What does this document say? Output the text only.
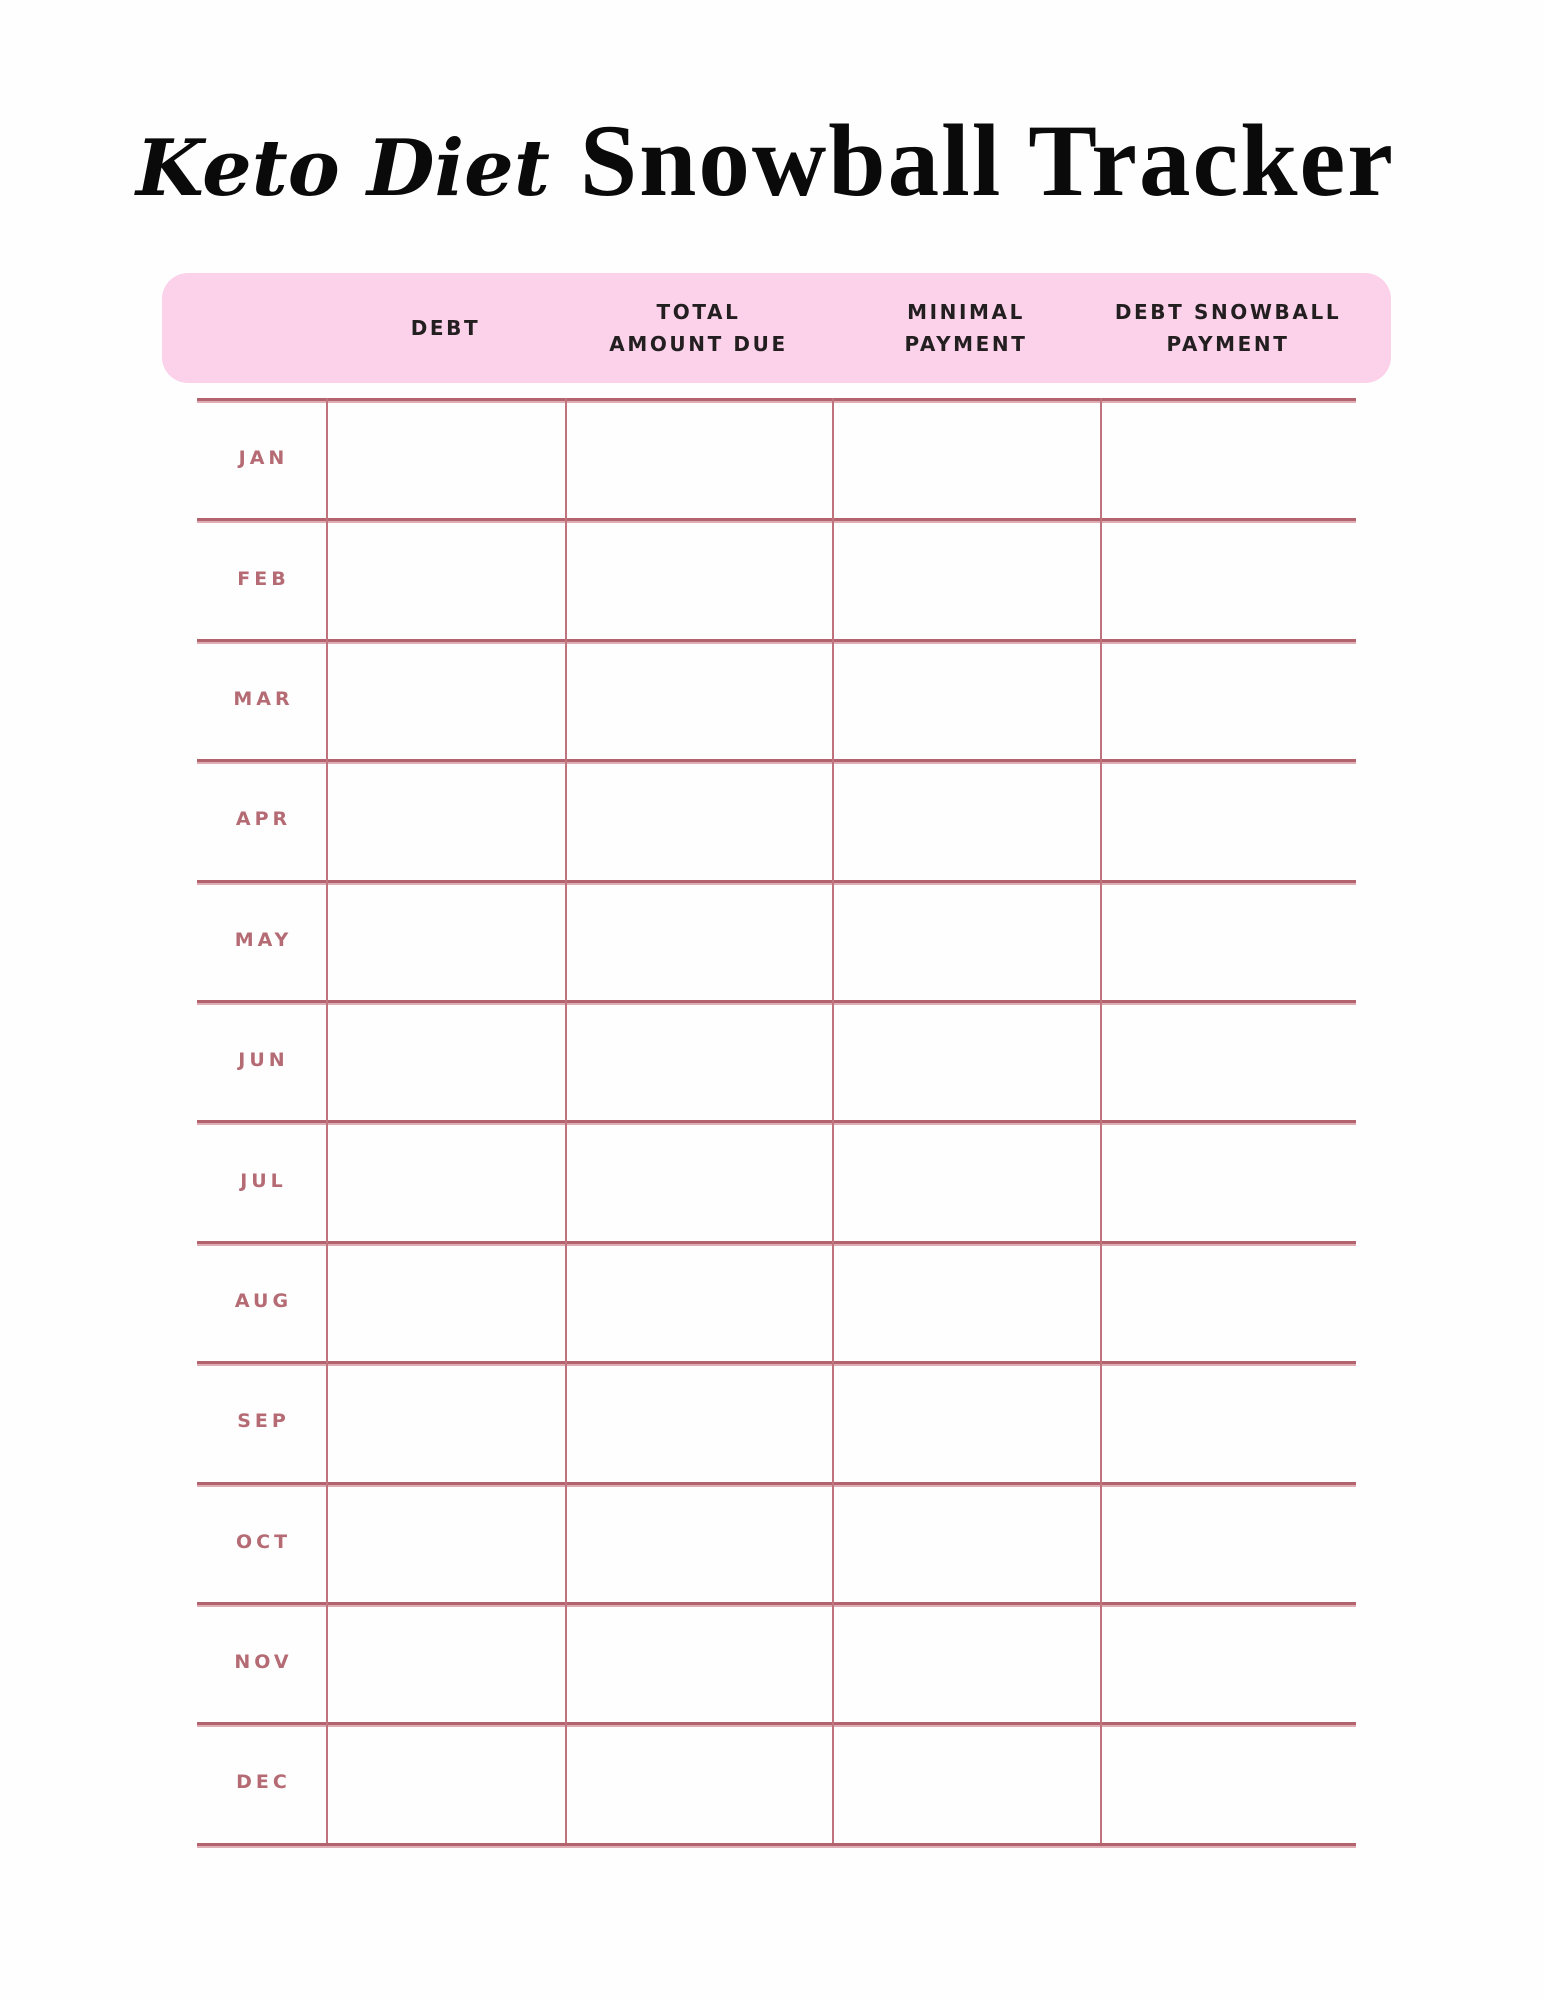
Keto Diet Snowball Tracker
DEBT
TOTAL
AMOUNT DUE
MINIMAL
PAYMENT
DEBT SNOWBALL
PAYMENT
JAN
FEB
MAR
APR
MAY
JUN
JUL
AUG
SEP
OCT
NOV
DEC
